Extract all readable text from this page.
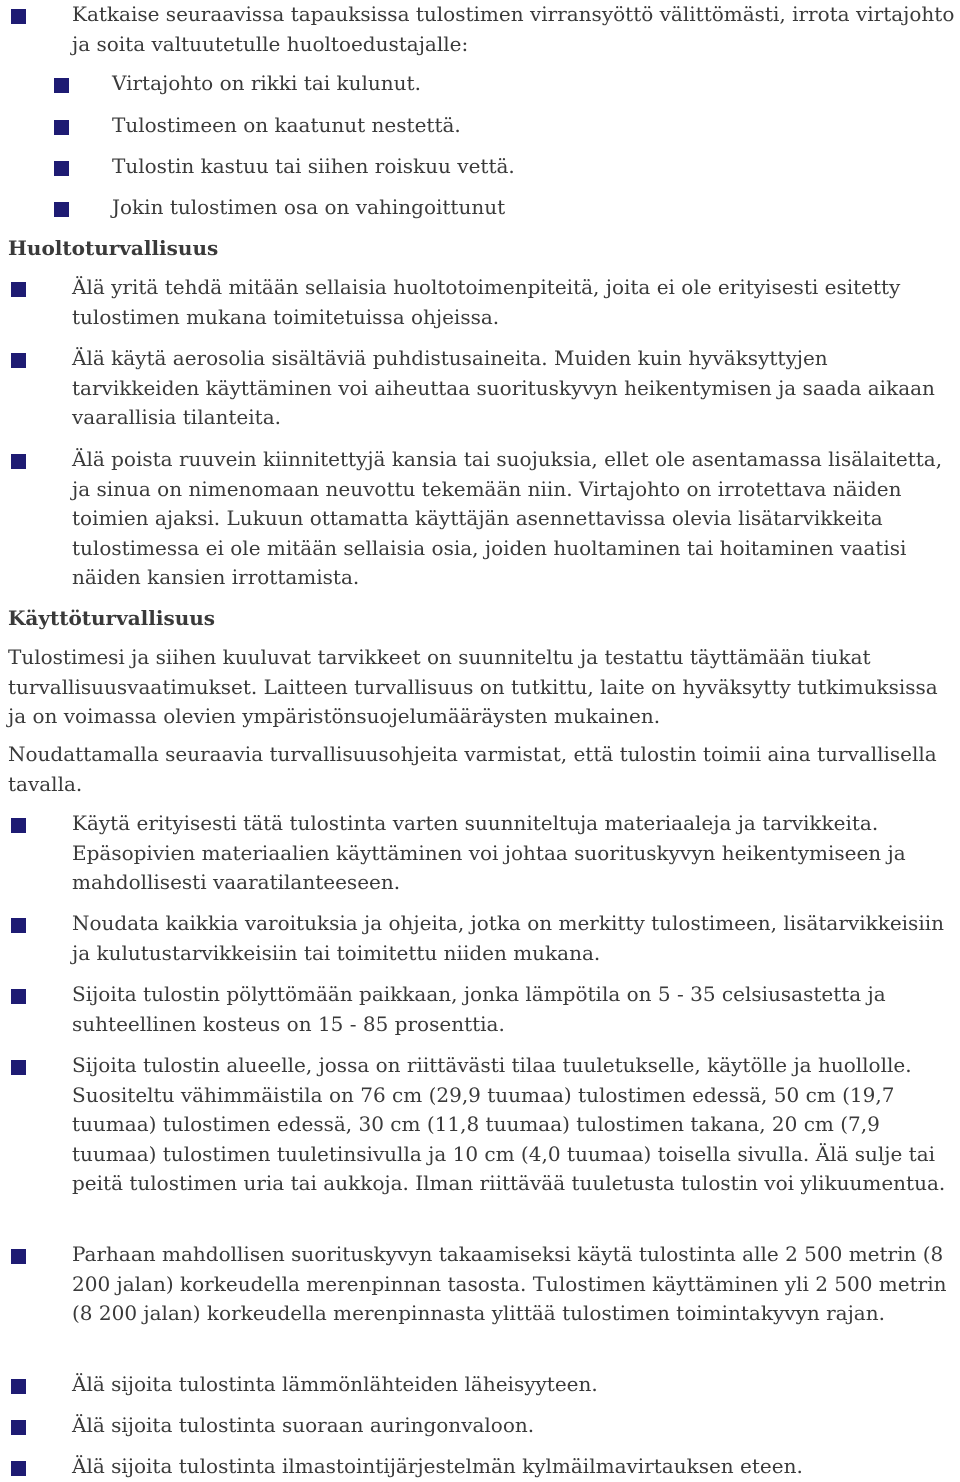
Katkaise seuraavissa tapauksissa tulostimen virransyöttö välittömästi, irrota virtajohto ja soita valtuutetulle huoltoedustajalle:
Virtajohto on rikki tai kulunut.
Tulostimeen on kaatunut nestettä.
Tulostin kastuu tai siihen roiskuu vettä.
Jokin tulostimen osa on vahingoittunut
Huoltoturvallisuus
Älä yritä tehdä mitään sellaisia huoltotoimenpiteitä, joita ei ole erityisesti esitetty tulostimen mukana toimitetuissa ohjeissa.
Älä käytä aerosolia sisältäviä puhdistusaineita. Muiden kuin hyväksyttyjen tarvikkeiden käyttäminen voi aiheuttaa suorituskyvyn heikentymisen ja saada aikaan vaarallisia tilanteita.
Älä poista ruuvein kiinnitettyjä kansia tai suojuksia, ellet ole asentamassa lisälaitetta, ja sinua on nimenomaan neuvottu tekemään niin. Virtajohto on irrotettava näiden toimien ajaksi. Lukuun ottamatta käyttäjän asennettavissa olevia lisätarvikkeita tulostimessa ei ole mitään sellaisia osia, joiden huoltaminen tai hoitaminen vaatisi näiden kansien irrottamista.
Käyttöturvallisuus
Tulostimesi ja siihen kuuluvat tarvikkeet on suunniteltu ja testattu täyttämään tiukat turvallisuusvaatimukset. Laitteen turvallisuus on tutkittu, laite on hyväksytty tutkimuksissa ja on voimassa olevien ympäristönsuojelumääräysten mukainen.
Noudattamalla seuraavia turvallisuusohjeita varmistat, että tulostin toimii aina turvallisella tavalla.
Käytä erityisesti tätä tulostinta varten suunniteltuja materiaaleja ja tarvikkeita. Epäsopivien materiaalien käyttäminen voi johtaa suorituskyvyn heikentymiseen ja mahdollisesti vaaratilanteeseen.
Noudata kaikkia varoituksia ja ohjeita, jotka on merkitty tulostimeen, lisätarvikkeisiin ja kulutustarvikkeisiin tai toimitettu niiden mukana.
Sijoita tulostin pölyttömään paikkaan, jonka lämpötila on 5 - 35 celsiusastetta ja suhteellinen kosteus on 15 - 85 prosenttia.
Sijoita tulostin alueelle, jossa on riittävästi tilaa tuuletukselle, käytölle ja huollolle. Suositeltu vähimmäistila on 76 cm (29,9 tuumaa) tulostimen edessä, 50 cm (19,7 tuumaa) tulostimen edessä, 30 cm (11,8 tuumaa) tulostimen takana, 20 cm (7,9 tuumaa) tulostimen tuuletinsivulla ja 10 cm (4,0 tuumaa) toisella sivulla. Älä sulje tai peitä tulostimen uria tai aukkoja. Ilman riittävää tuuletusta tulostin voi ylikuumentua.
Parhaan mahdollisen suorituskyvyn takaamiseksi käytä tulostinta alle 2 500 metrin (8 200 jalan) korkeudella merenpinnan tasosta. Tulostimen käyttäminen yli 2 500 metrin (8 200 jalan) korkeudella merenpinnasta ylittää tulostimen toimintakyvyn rajan.
Älä sijoita tulostinta lämmönlähteiden läheisyyteen.
Älä sijoita tulostinta suoraan auringonvaloon.
Älä sijoita tulostinta ilmastointijärjestelmän kylmäilmavirtauksen eteen.
